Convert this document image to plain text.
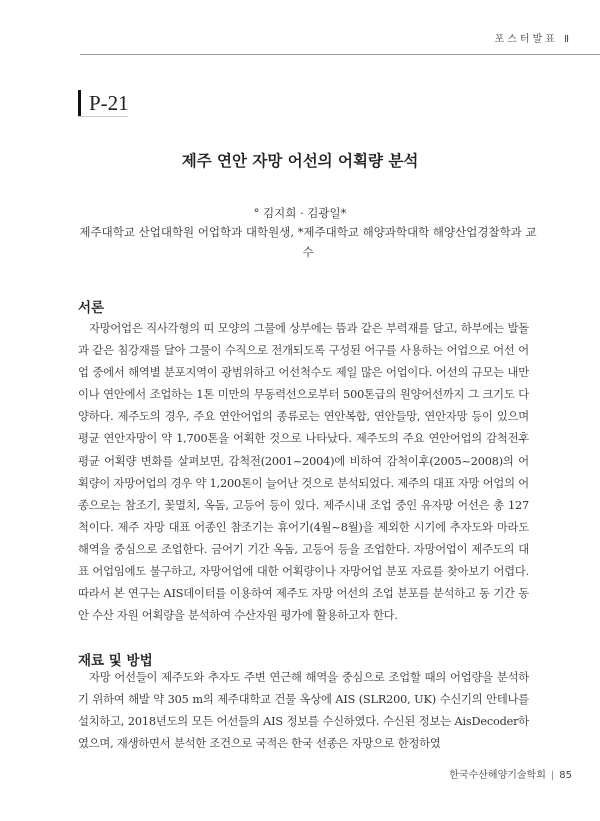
포스터발표 Ⅱ
P-21
제주 연안 자망 어선의 어획량 분석
° 김지희 · 김광일*
제주대학교 산업대학원 어업학과 대학원생, *제주대학교 해양과학대학 해양산업경찰학과 교수
서론

자망어업은 직사각형의 띠 모양의 그물에 상부에는 뜸과 같은 부력재를 달고, 하부에는 발돌과 같은 침강재를 달아 그물이 수직으로 전개되도록 구성된 어구를 사용하는 어업으로 어선 어업 중에서 해역별 분포지역이 광범위하고 어선척수도 제일 많은 어업이다. 어선의 규모는 내만이나 연안에서 조업하는 1톤 미만의 무동력선으로부터 500톤급의 원양어선까지 그 크기도 다양하다. 제주도의 경우, 주요 연안어업의 종류로는 연안복합, 연안들망, 연안자망 등이 있으며 평균 연안자망이 약 1,700톤을 어획한 것으로 나타났다. 제주도의 주요 연안어업의 감척전후 평균 어획량 변화를 살펴보면, 감척전(2001~2004)에 비하여 감척이후(2005~2008)의 어획량이 자망어업의 경우 약 1,200톤이 늘어난 것으로 분석되었다. 제주의 대표 자망 어업의 어종으로는 참조기, 꽃멸치, 옥돔, 고등어 등이 있다. 제주시내 조업 중인 유자망 어선은 총 127척이다. 제주 자망 대표 어종인 참조기는 휴어기(4월~8월)을 제외한 시기에 추자도와 마라도 해역을 중심으로 조업한다. 금어기 기간 옥돔, 고등어 등을 조업한다. 자망어업이 제주도의 대표 어업임에도 불구하고, 자망어업에 대한 어획량이나 자망어업 분포 자료를 찾아보기 어렵다. 따라서 본 연구는 AIS데이터를 이용하여 제주도 자망 어선의 조업 분포를 분석하고 동 기간 동안 수산 자원 어획량을 분석하여 수산자원 평가에 활용하고자 한다.

재료 및 방법

자망 어선들이 제주도와 추자도 주변 연근해 해역을 중심으로 조업할 때의 어업량을 분석하기 위하여 해발 약 305 m의 제주대학교 건물 옥상에 AIS (SLR200, UK) 수신기의 안테나를 설치하고, 2018년도의 모든 어선들의 AIS 정보를 수신하였다. 수신된 정보는 AisDecoder하였으며, 재생하면서 분석한 조건으로 국적은 한국 선종은 자망으로 한정하였

한국수산해양기술학회 | 85
